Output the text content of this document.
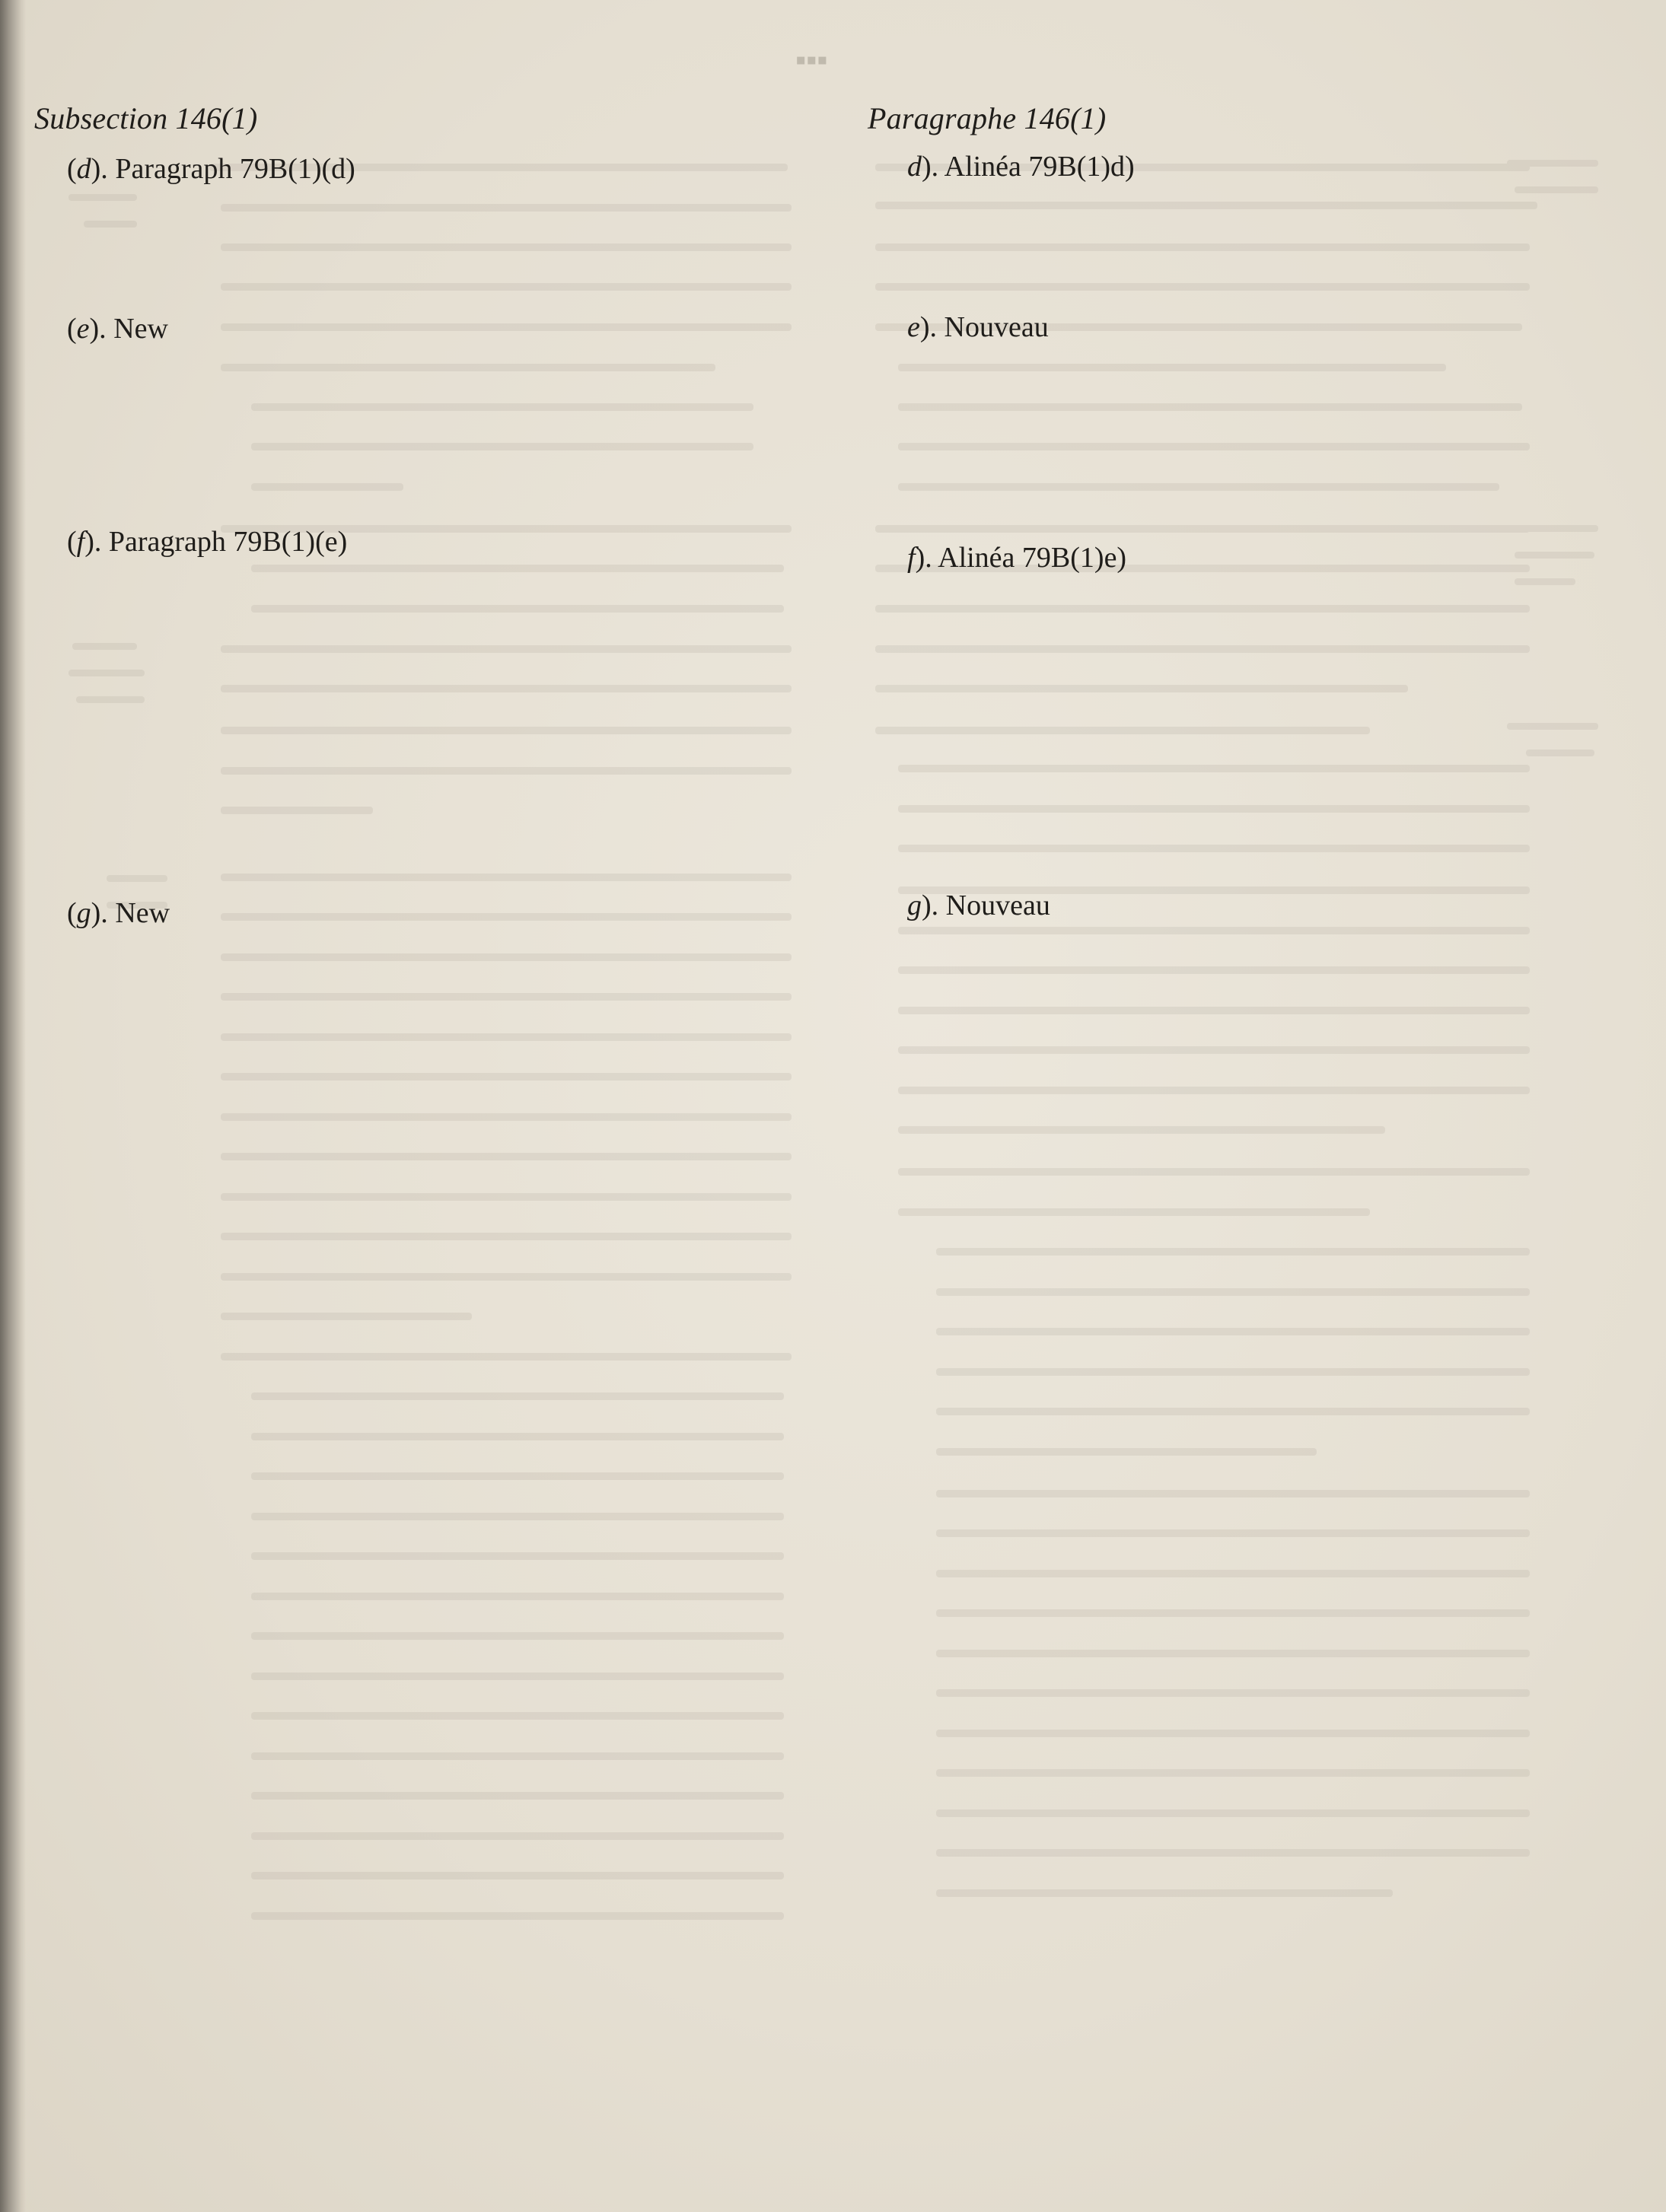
▪▪▪
Subsection 146(1)
(d). Paragraph 79B(1)(d)
(e). New
(f). Paragraph 79B(1)(e)
(g). New
Paragraphe 146(1)
d). Alinéa 79B(1)d)
e). Nouveau
f). Alinéa 79B(1)e)
g). Nouveau
